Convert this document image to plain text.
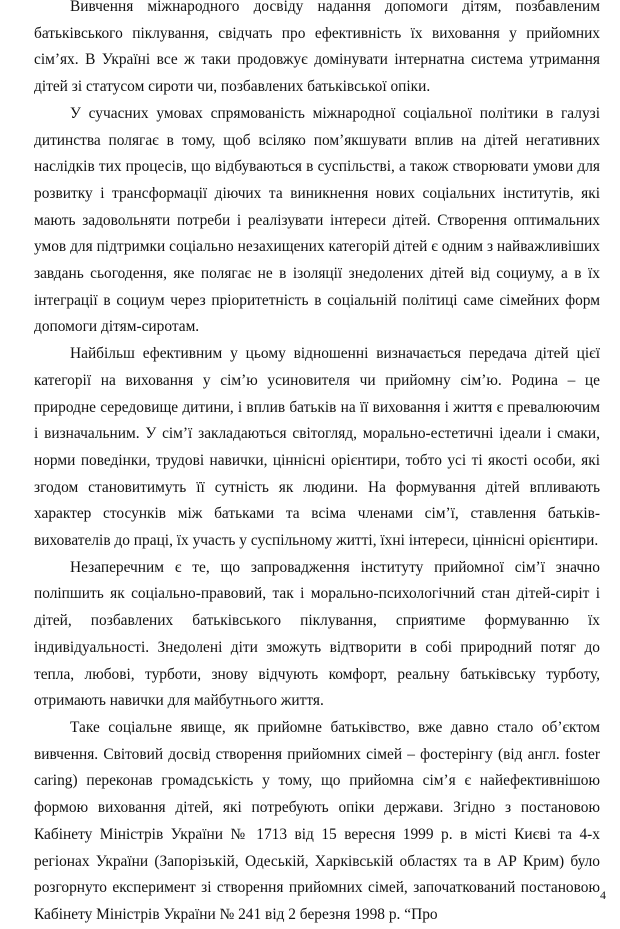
Вивчення міжнародного досвіду надання допомоги дітям, позбавленим батьківського піклування, свідчать про ефективність їх виховання у прийомних сім’ях. В Україні все ж таки продовжує домінувати інтернатна система утримання дітей зі статусом сироти чи, позбавлених батьківської опіки.

У сучасних умовах спрямованість міжнародної соціальної політики в галузі дитинства полягає в тому, щоб всіляко пом’якшувати вплив на дітей негативних наслідків тих процесів, що відбуваються в суспільстві, а також створювати умови для розвитку і трансформації діючих та виникнення нових соціальних інститутів, які мають задовольняти потреби і реалізувати інтереси дітей. Створення оптимальних умов для підтримки соціально незахищених категорій дітей є одним з найважливіших завдань сьогодення, яке полягає не в ізоляції знедолених дітей від социуму, а в їх інтеграції в социум через пріоритетність в соціальній політиці саме сімейних форм допомоги дітям-сиротам.

Найбільш ефективним у цьому відношенні визначається передача дітей цієї категорії на виховання у сім’ю усиновителя чи прийомну сім’ю. Родина – це природне середовище дитини, і вплив батьків на її виховання і життя є превалюючим і визначальним. У сім’ї закладаються світогляд, морально-естетичні ідеали і смаки, норми поведінки, трудові навички, ціннісні орієнтири, тобто усі ті якості особи, які згодом становитимуть її сутність як людини. На формування дітей впливають характер стосунків між батьками та всіма членами сім’ї, ставлення батьків-вихователів до праці, їх участь у суспільному житті, їхні інтереси, ціннісні орієнтири.

Незаперечним є те, що запровадження інституту прийомної сім’ї значно поліпшить як соціально-правовий, так і морально-психологічний стан дітей-сиріт і дітей, позбавлених батьківського піклування, сприятиме формуванню їх індивідуальності. Знедолені діти зможуть відтворити в собі природний потяг до тепла, любові, турботи, знову відчують комфорт, реальну батьківську турботу, отримають навички для майбутнього життя.

Таке соціальне явище, як прийомне батьківство, вже давно стало об’єктом вивчення. Світовий досвід створення прийомних сімей – фостерінгу (від англ. foster caring) переконав громадськість у тому, що прийомна сім’я є найефективнішою формою виховання дітей, які потребують опіки держави. Згідно з постановою Кабінету Міністрів України № 1713 від 15 вересня 1999 р. в місті Києві та 4-х регіонах України (Запорізькій, Одеській, Харківській областях та в АР Крим) було розгорнуто експеримент зі створення прийомних сімей, започаткований постановою Кабінету Міністрів України № 241 від 2 березня 1998 р. “Про

4
